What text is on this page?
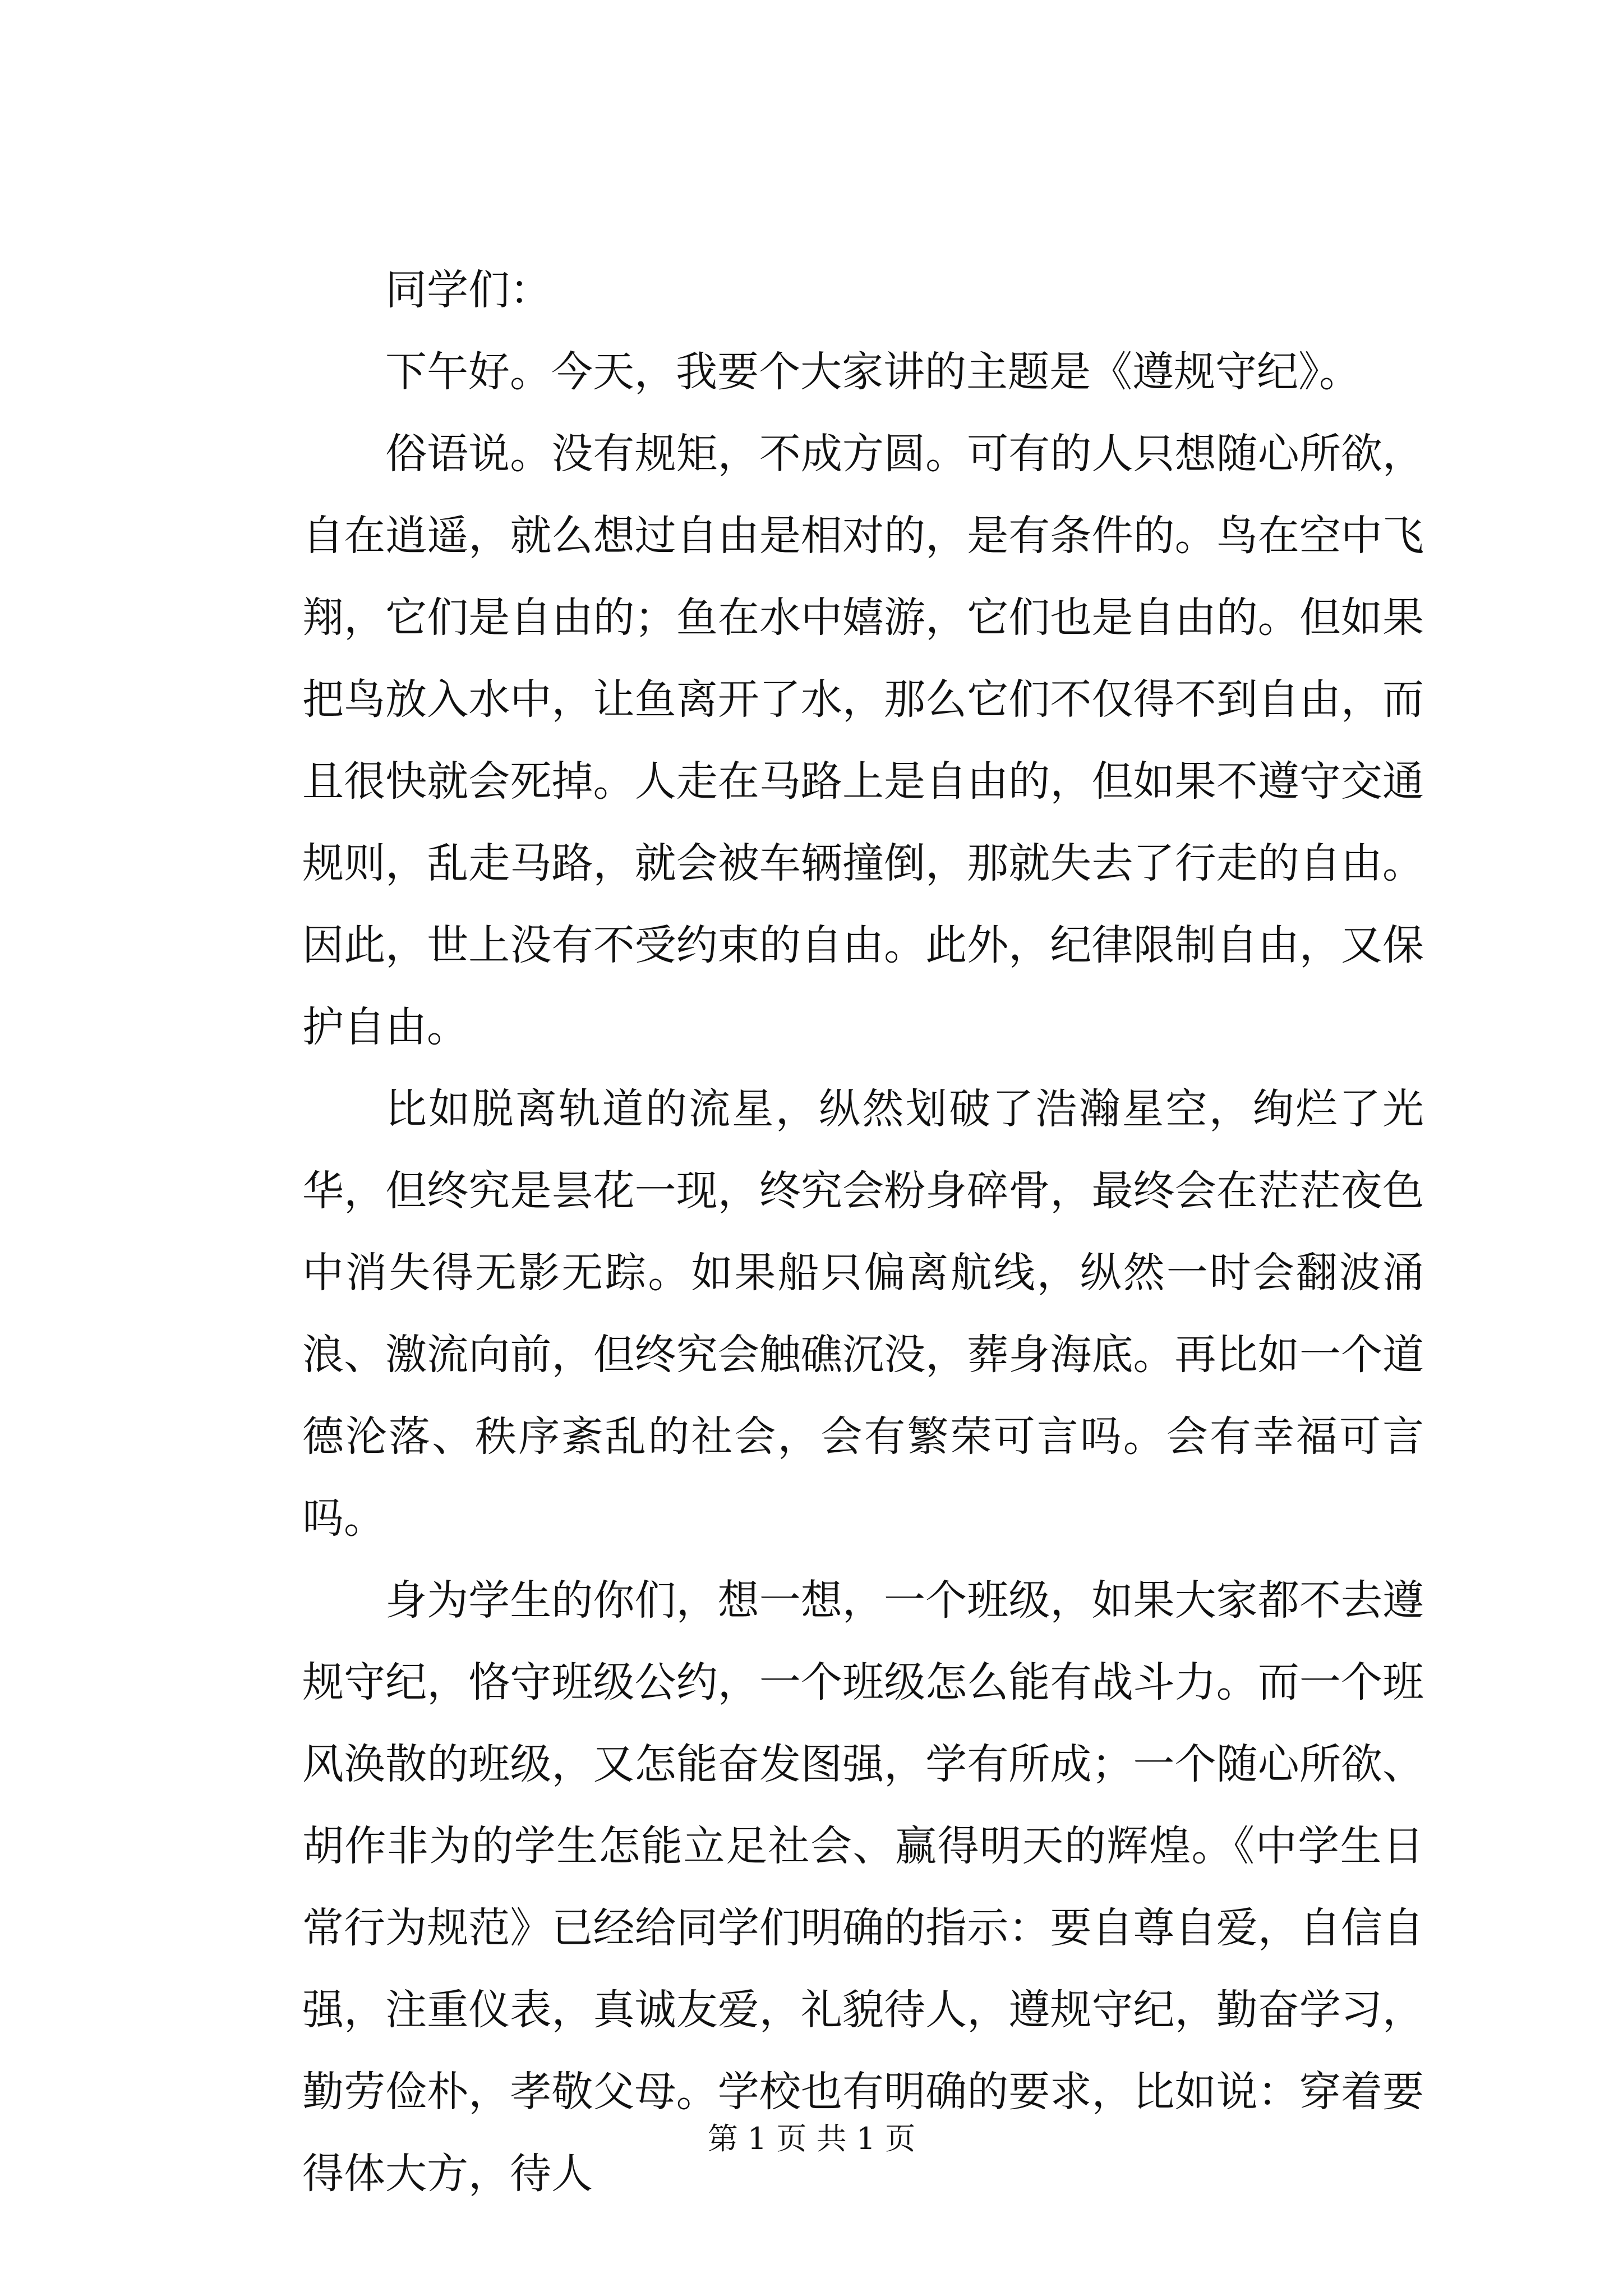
同学们：

下午好。今天，我要个大家讲的主题是《遵规守纪》。

俗语说。没有规矩，不成方圆。可有的人只想随心所欲，自在逍遥，就么想过自由是相对的，是有条件的。鸟在空中飞翔，它们是自由的；鱼在水中嬉游，它们也是自由的。但如果把鸟放入水中，让鱼离开了水，那么它们不仅得不到自由，而且很快就会死掉。人走在马路上是自由的，但如果不遵守交通规则，乱走马路，就会被车辆撞倒，那就失去了行走的自由。因此，世上没有不受约束的自由。此外，纪律限制自由，又保护自由。

比如脱离轨道的流星，纵然划破了浩瀚星空，绚烂了光华，但终究是昙花一现，终究会粉身碎骨，最终会在茫茫夜色中消失得无影无踪。如果船只偏离航线，纵然一时会翻波涌浪、激流向前，但终究会触礁沉没，葬身海底。再比如一个道德沦落、秩序紊乱的社会，会有繁荣可言吗。会有幸福可言吗。

身为学生的你们，想一想，一个班级，如果大家都不去遵规守纪，恪守班级公约，一个班级怎么能有战斗力。而一个班风涣散的班级，又怎能奋发图强，学有所成；一个随心所欲、胡作非为的学生怎能立足社会、赢得明天的辉煌。《中学生日常行为规范》已经给同学们明确的指示：要自尊自爱，自信自强，注重仪表，真诚友爱，礼貌待人，遵规守纪，勤奋学习，勤劳俭朴，孝敬父母。学校也有明确的要求，比如说：穿着要得体大方，待人

第 1 页 共 1 页
